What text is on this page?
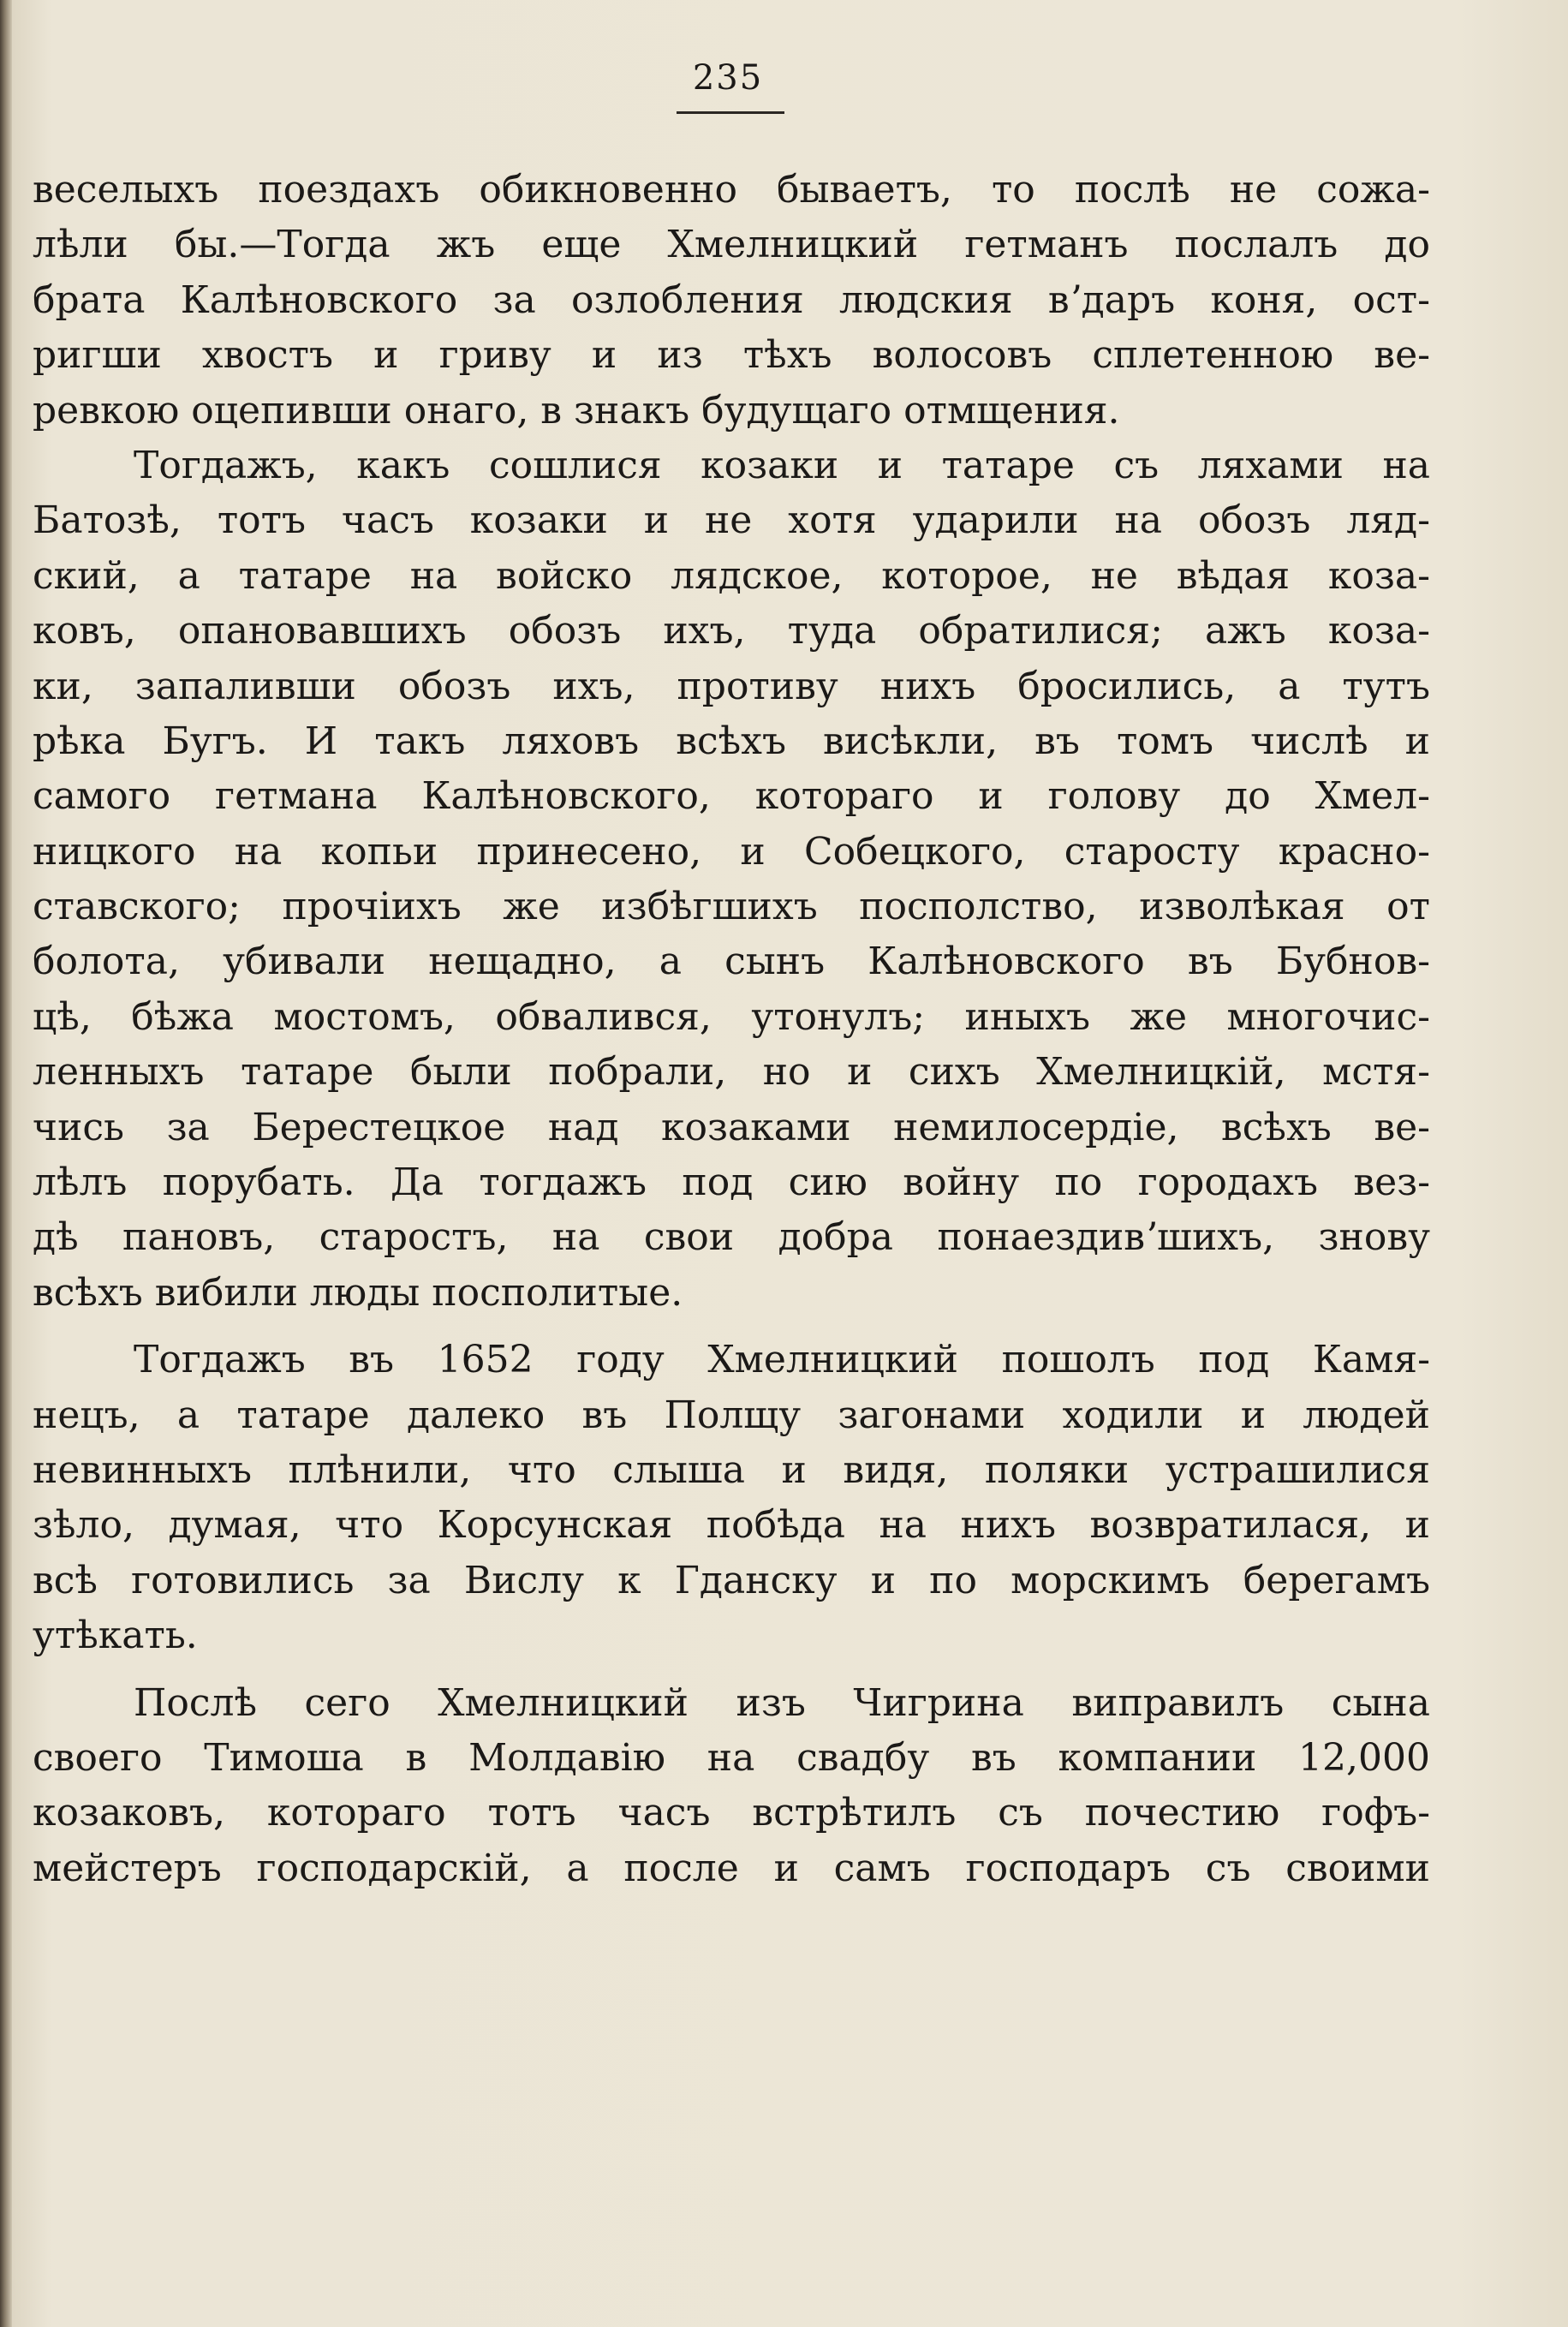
235
веселыхъ поездахъ обикновенно бываетъ, то послѣ не сожа-
лѣли бы.—Тогда жъ еще Хмелницкий гетманъ послалъ до
брата Калѣновского за озлобления людския вʼдаръ коня, ост-
ригши хвостъ и гриву и из тѣхъ волосовъ сплетенною ве-
ревкою оцепивши онаго, в знакъ будущаго отмщения.
Тогдажъ, какъ сошлися козаки и татаре съ ляхами на
Батозѣ, тотъ часъ козаки и не хотя ударили на обозъ ляд-
ский, а татаре на войско лядское, которое, не вѣдая коза-
ковъ, опановавшихъ обозъ ихъ, туда обратилися; ажъ коза-
ки, запаливши обозъ ихъ, противу нихъ бросились, а тутъ
рѣка Бугъ. И такъ ляховъ всѣхъ висѣкли, въ томъ числѣ и
самого гетмана Калѣновского, котораго и голову до Хмел-
ницкого на копьи принесено, и Собецкого, старосту красно-
ставского; прочіихъ же избѣгшихъ посполство, изволѣкая от
болота, убивали нещадно, а сынъ Калѣновского въ Бубнов-
цѣ, бѣжа мостомъ, обвалився, утонулъ; иныхъ же многочис-
ленныхъ татаре были побрали, но и сихъ Хмелницкій, мстя-
чись за Берестецкое над козаками немилосердіе, всѣхъ ве-
лѣлъ порубать. Да тогдажъ под сию войну по городахъ вез-
дѣ пановъ, старостъ, на свои добра понаездивʼшихъ, знову
всѣхъ вибили люды посполитые.
Тогдажъ въ 1652 году Хмелницкий пошолъ под Камя-
нецъ, а татаре далеко въ Полщу загонами ходили и людей
невинныхъ плѣнили, что слыша и видя, поляки устрашилися
зѣло, думая, что Корсунская побѣда на нихъ возвратилася, и
всѣ готовились за Вислу к Гданску и по морскимъ берегамъ
утѣкать.
Послѣ сего Хмелницкий изъ Чигрина виправилъ сына
своего Тимоша в Молдавію на свадбу въ компании 12,000
козаковъ, котораго тотъ часъ встрѣтилъ съ почестию гофъ-
мейстеръ господарскій, а после и самъ господаръ съ своими
